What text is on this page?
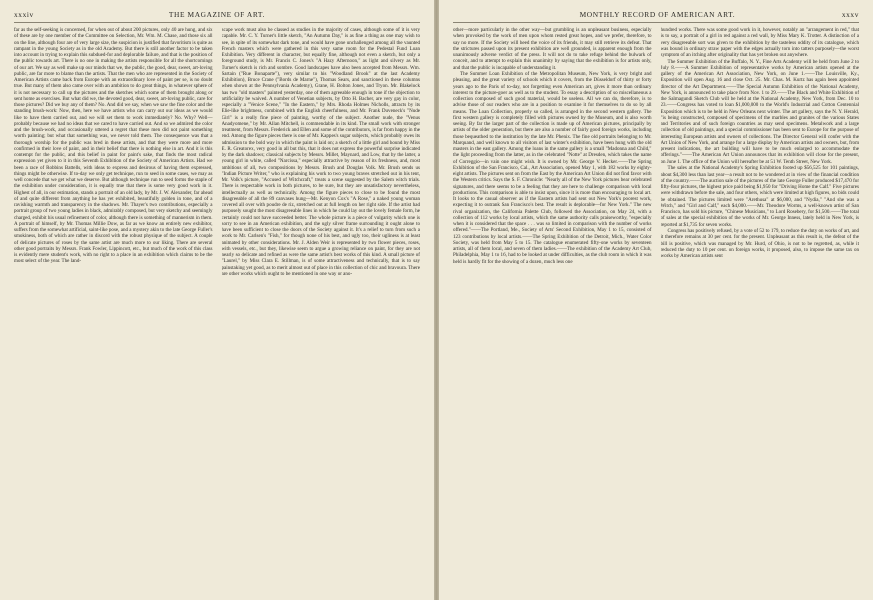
xxxiv	THE MAGAZINE OF ART.

far as the self-seeking is concerned, for when out of about 200 pictures, only 40 are hung, and six of these are by one member of the Committee on Selection, Mr. Wm. M. Chase, and those six all on the line, although four are of very large size, the suspicion is justified that favoritism is quite as rampant in the young Society as in the old Academy. But there is still another factor to be taken into account in trying to explain this subdued-for and deplorable failure, and that is the position of the public towards art. There is no one in making the artists responsible for all the shortcomings of our art. We say as well make up our minds that we, the public, the good, dear, sweet, art-loving public, are far more to blame than the artists. That the men who are represented in the Society of American Artists came back from Europe with an extraordinary love of paint per se, is no doubt true. But many of them also came over with an ambition to do great things, in whatever sphere of it is not necessary to call up the pictures and the sketches which some of them brought along or sent home as exercises. But what did we, the devoted good, dear, sweet, art-loving public, care for those pictures? Did we buy any of them? No. And did we say, when we saw the fine color and the standing brush-work: Now, then, here we have artists who can carry out our ideas as we would like to have them carried out, and we will set them to work immediately? No. Why? Well—probably because we had no ideas that we cared to have carried out. And so we admired the color and the brush-work, and occasionally uttered a regret that these men did not paint something worth painting; but what that something was, we never told them. The consequence was that a thorough worship for the public was bred in these artists, and that they were more and more confirmed in their love of paint, and in their belief that there is nothing else in art. And it is this contempt for the public, and this belief in paint for paint's sake, that finds the most radical expression yet given to it in this Seventh Exhibition of the Society of American Artists. Had we been a race of Robbins Battells, with ideas to express and desirous of having them expressed, things might be otherwise. If to-day we only get technique, run to seed in some cases, we may as well concede that we get what we deserve. But although technique run to seed forms the staple of the exhibition under consideration, it is equally true that there is some very good work in it. Highest of all, in our estimation, stands a portrait of an old lady, by Mr. J. W. Alexander, far ahead of and quite different from anything he has yet exhibited, beautifully golden in tone, and of a ravishing warmth and transparency in the shadows. Mr. Thayer's two contributions, especially a portrait group of two young ladies in black, admirably composed, but very sketchy and seemingly charged, exhibit his usual refinement of color, although there is something of mannerism in them. A portrait of himself, by Mr. Thomas Millie Dow, as far as we know an entirely new exhibitor, suffers from the somewhat artificial, saint-like pose, and a mystery akin to the late George Fuller's smokiness, both of which are rather in discord with the robust physique of the subject. A couple of delicate pictures of roses by the same artist are much more to our liking. There are several other good portraits by Messrs. Frank Fowler, Lippincott, etc., but much of the work of this class is evidently mere student's work, with no right to a place in an exhibition which claims to be the most select of the year. The land-

scape work must also be classed as studies in the majority of cases, although some of it is very capable. Mr. C. Y. Turner's little sketch, "An Autumn Day," is as fine a thing as one may wish to see, in spite of its somewhat dark tone, and would have gone unchallenged among all the vaunted French masters which were gathered in this very same room for the Pedestal Fund Loan Exhibition. Very different in character, but equally fine, although not even a sketch, but only a foreground study, is Mr. Francis C. Jones's "A Hazy Afternoon," as light and silvery as Mr. Turner's sketch is rich and sombre. Good landscapes have also been accepted from Messrs. Wm. Sartain ("Rue Bonaparte"), very similar to his "Woodland Brook" at the last Academy Exhibition), Bruce Crane ("Bords de Marne"), Thomas Sears, and sanctioned in these columns when shown at the Pennsylvania Academy), Grane, H. Bolton Jones, and Tryon. Mr. Blakelock has two "old masters" painted yesterday, one of them agreeable enough in tone if the objection to artificiality be waived. A number of Venetian subjects, by Otto H. Bacher, are very gay in color, especially a "Venice Scene," "In the Eastern," by Mrs. Rhoda Holmes Nicholls, attracts by its Elie-like brightness, combined with the English cheerfulness, and Mr. Frank Duveneck's "Nude Girl" is a really fine piece of painting, worthy of the subject. Another nude, the "Venus Anadyomene," by Mr. Allan Mitchell, is commendable in its kind. The small work with stronger treatment, from Messrs. Frederick and Ellen and some of the contributors, is far from happy in the end. Among the figure pieces there is one of Mr. Kappes's sugar subjects, which probably owes its admission to the bold way in which the paint is laid on; a sketch of a little girl and hound by Miss E. R. Greatorex, very good in all but this, that it does not express the powerful surprise indicated by the dark shadows; classical subjects by Messrs. Millet, Maynard, and Low, that by the latter, a young girl in white, called "Narcissa," especially attractive by reason of its freshness, and, most ambitious of all, two compositions by Messrs. Brush and Douglas Volk. Mr. Brush sends us "Indian Picture Writer," who is explaining his work to two young braves stretched out in his tent, Mr. Volk's picture, "Accused of Witchcraft," treats a scene suggested by the Salem witch trials. There is respectable work in both pictures, to be sure, but they are unsatisfactory nevertheless, intellectually as well as technically. Among the figure pieces to close to be found the most disagreeable of all the 89 canvases hung—Mr. Kenyon Cox's "A Rose," a naked young woman covered all over with poudre de riz, stretched out at full length on her right side. If the artist had purposely sought the most disagreeable lines in which he could lay out the lovely female form, he certainly could not have succeeded better. The whole picture is a piece of vulgarity which one is sorry to see in an American exhibition, and the ugly silver frame surrounding it ought alone to have been sufficient to close the doors of the Society against it. It's a relief to turn from such a work to Mr. Carlsen's "Fish," for though none of his best, and ugly too, their ugliness is at least animated by other considerations. Mr. J. Alden Weir is represented by two flower pieces, roses, with vessels, etc., but they, likewise seem to argue a growing reliance on paint, for they are not nearly so delicate and refined as were the same artist's best works of this kind. A small picture of "Laurel," by Miss Clara E. Stillman, is of some attractiveness and technically, that is to say painstaking yet good, as to merit almost out of place in this collection of chic and bravoura. There are other works which ought to be mentioned in one way or ano-

MONTHLY RECORD OF AMERICAN ART.	xxxv

other—more particularly in the other way—but grumbling is an unpleasant business, especially when provoked by the work of men upon whom rested great hopes, and we prefer, therefore, to say no more. If the Society will heed the voice of its friends, it may still retrieve its defeat. That the strictures passed upon its present exhibition are well grounded, is apparent enough from the unanimously adverse verdict of the press. It will not do to take refuge behind the bulwark of conceit, and to attempt to explain this unanimity by saying that the exhibition is for artists only, and that the public is incapable of understanding it.

The Summer Loan Exhibition of the Metropolitan Museum, New York, is very bright and pleasing, and the great variety of schools which it covers, from the Düsseldorf of thirty or forty years ago to the Paris of to-day, not forgetting even American art, gives it more than ordinary interest to the picture-goer as well as to the student. To essay a description of so miscellaneous a collection composed of such good material, would be useless. All we can do, therefore, is to advise those of our readers who are in a position to examine it for themselves to do so by all means. The Loan Collection, properly so called, is arranged in the second western gallery. The first western gallery is completely filled with pictures owned by the Museum, and is also worth seeing. By far the larger part of the collection is made up of American pictures, principally by artists of the older generation, but there are also a number of fairly good foreign works, including those bequeathed to the institution by the late Mr. Phenix. The fine old portraits belonging to Mr. Marquand, and well known to all visitors of last winter's exhibition, have been hung with the old masters in the east gallery. Among the loans in the same gallery is a small "Madonna and Child," the light proceeding from the latter, as in the celebrated "Notte" at Dresden, which takes the name of Correggio—in vain one might wish. It is owned by Mr. George V. Hecker.——The Spring Exhibition of the San Francisco, Cal., Art Association, opened May 1, with 182 works by eighty-eight artists. The pictures sent on from the East by the American Art Union did not find favor with the Western critics. Says the S. F. Chronicle: "Nearly all of the New York pictures bear celebrated signatures, and there seems to be a feeling that they are here to challenge comparison with local productions. This comparison is able to insist upon, since it is more than encouraging to local art. It looks to the casual observer as if the Eastern artists had sent out New York's poorest work, expecting it to outrank San Francisco's best. The result is deplorable—for New York." The new rival organization, the California Palette Club, followed the Association, on May 24, with a collection of 112 works by local artists, which the same authority calls praiseworthy, "especially when it is considered that the space . . . was so limited in comparison with the number of works offered."——The Portland, Me., Society of Arts' Second Exhibition, May 1 to 15, consisted of 123 contributions by local artists.——The Spring Exhibition of the Detroit, Mich., Water Color Society, was held from May 5 to 15. The catalogue enumerated fifty-one works by seventeen artists, all of them local, and seven of them ladies.——The exhibition of the Academy Art Club, Philadelphia, May 1 to 16, had to be looked at under difficulties, as the club room in which it was held is hardly fit for the showing of a dozen, much less one

hundred works. There was some good work in it, however, notably an "arrangement in red," that is to say, a portrait of a girl in red against a red wall, by Miss Mary K. Trotter. A distinction of a very disagreeable sort was given to the exhibition by the tasteless oddity of its catalogue, which was bound in ordinary straw paper with the edges actually torn into tatters purposely—the worst symptom of an itching after originality that has yet broken out anywhere.

The Summer Exhibition of the Buffalo, N. Y., Fine Arts Academy will be held from June 2 to July 8.——A Summer Exhibition of representative works by American artists opened at the gallery of the American Art Association, New York, on June 1.——The Louisville, Ky., Exposition will open Aug. 16 and close Oct. 25. Mr. Chas. M. Kurtz has again been appointed director of the Art Department.——The Special Autumn Exhibition of the National Academy, New York, is announced to take place from Nov. 1 to 29.——The Black and White Exhibition of the Salmagundi Sketch Club will be held at the National Academy, New York, from Dec. 10 to 23.——Congress has voted to loan $1,000,000 to the World's Industrial and Cotton Centennial Exposition which is to be held in New Orleans next winter. The art gallery, says the N. Y. Herald, "is being constructed, composed of specimens of the marbles and granites of the various States and Territories and of such foreign countries as may send specimens. Metalwork and a large collection of old paintings, and a special commissioner has been sent to Europe for the purpose of interesting European artists and owners of collections. The Director General will confer with the Art Union of New York, and arrange for a large display by American artists and owners, but, from present indications, the art building will have to be much enlarged to accommodate the offerings."——The American Art Union announces that its exhibition will close for the present, on June 1. The office of the Union will hereafter be at 51 W. Tenth Street, New York.

The sales at the National Academy's Spring Exhibition footed up $56,525 for 101 paintings, about $4,300 less than last year—a result not to be wondered at in view of the financial condition of the country.——The auction sale of the pictures of the late George Fuller produced $17,470 for fifty-four pictures, the highest price paid being $1,950 for "Driving Home the Calf." Five pictures were withdrawn before the sale, and four others, which were limited at high figures, no bids could be obtained. The pictures limited were "Arethusa" at $6,000, and "Nydia," "And she was a Witch," and "Girl and Calf," each $4,000.——Mr. Theodore Worms, a well-known artist of San Francisco, has sold his picture, "Chinese Musicians," to Lord Rosebery, for $1,500.——The total of sales at the special exhibition of the works of Mr. George Inness, lately held in New York, is reported at $1,735 for seven works.

Congress has positively refused, by a vote of 52 to 179, to reduce the duty on works of art, and it therefore remains at 30 per cent. for the present. Unpleasant as this result is, the defeat of the bill is positive, which was managed by Mr. Hurd, of Ohio, is not to be regretted, as, while it reduced the duty to 10 per cent. on foreign works, it proposed, also, to impose the same tax on works by American artists sent
